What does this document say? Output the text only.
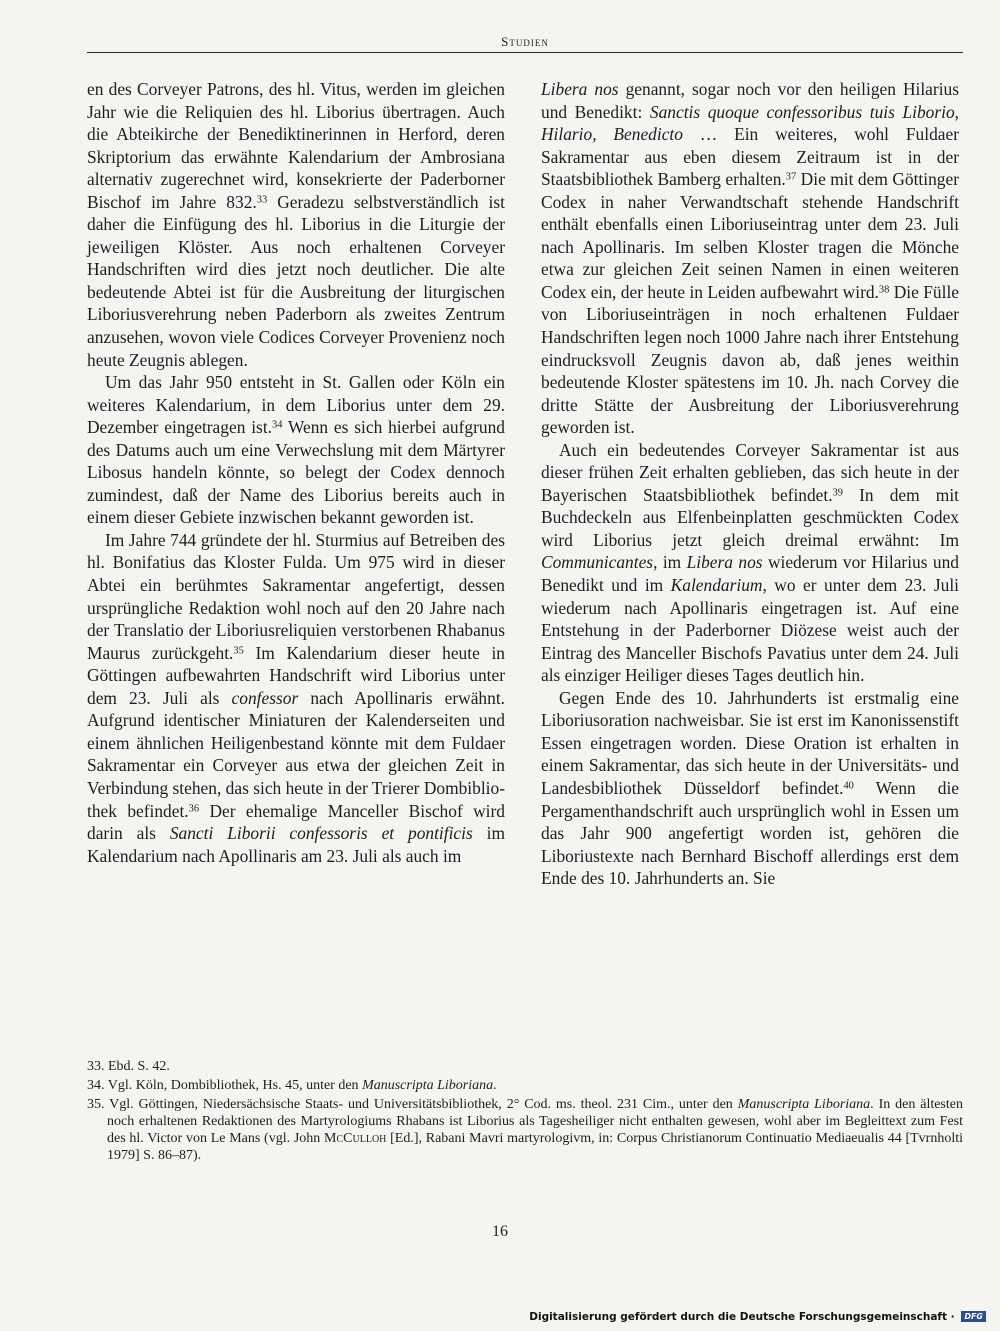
Studien

en des Corveyer Patrons, des hl. Vitus, werden im gleichen Jahr wie die Reliquien des hl. Liborius übertragen. Auch die Abteikirche der Benediktinerinnen in Herford, deren Skriptorium das erwähnte Kalendarium der Ambrosiana alternativ zugerechnet wird, konsekrierte der Paderborner Bischof im Jahre 832.33 Geradezu selbstverständlich ist daher die Einfügung des hl. Liborius in die Liturgie der jeweiligen Klöster. Aus noch erhaltenen Corveyer Handschriften wird dies jetzt noch deutlicher. Die alte bedeutende Abtei ist für die Ausbreitung der liturgischen Liboriusverehrung neben Paderborn als zweites Zentrum anzusehen, wovon viele Codices Corveyer Provenienz noch heute Zeugnis ablegen.

Um das Jahr 950 entsteht in St. Gallen oder Köln ein weiteres Kalendarium, in dem Liborius unter dem 29. Dezember eingetragen ist.$^{34}$ Wenn es sich hierbei aufgrund des Datums auch um eine Verwechslung mit dem Märtyrer Libosus handeln könnte, so belegt der Codex dennoch zumindest, daß der Name des Liborius bereits auch in einem dieser Gebiete inzwischen bekannt geworden ist.

Im Jahre 744 gründete der hl. Sturmius auf Betreiben des hl. Bonifatius das Kloster Fulda. Um 975 wird in dieser Abtei ein berühmtes Sakramentar angefertigt, dessen ursprüngliche Redaktion wohl noch auf den 20 Jahre nach der Translatio der Liboriusreliquien verstorbenen Rhabanus Maurus zurückgeht.$^{35}$ Im Kalendarium dieser heute in Göttingen aufbewahrten Handschrift wird Liborius unter dem 23. Juli als confessor nach Apollinaris erwähnt. Aufgrund identischer Miniaturen der Kalenderseiten und einem ähnlichen Heiligenbestand könnte mit dem Fuldaer Sakramentar ein Corveyer aus etwa der gleichen Zeit in Verbindung stehen, das sich heute in der Trierer Dombibliothek befindet.$^{36}$ Der ehemalige Manceller Bischof wird darin als Sancti Liborii confessoris et pontificis im Kalendarium nach Apollinaris am 23. Juli als auch im

Libera nos genannt, sogar noch vor den heiligen Hilarius und Benedikt: Sanctis quoque confessoribus tuis Liborio, Hilario, Benedicto … Ein weiteres, wohl Fuldaer Sakramentar aus eben diesem Zeitraum ist in der Staatsbibliothek Bamberg erhalten.$^{37}$ Die mit dem Göttinger Codex in naher Verwandtschaft stehende Handschrift enthält ebenfalls einen Liboriuseintrag unter dem 23. Juli nach Apollinaris. Im selben Kloster tragen die Mönche etwa zur gleichen Zeit seinen Namen in einen weiteren Codex ein, der heute in Leiden aufbewahrt wird.$^{38}$ Die Fülle von Liboriuseinträgen in noch erhaltenen Fuldaer Handschriften legen noch 1000 Jahre nach ihrer Entstehung eindrucksvoll Zeugnis davon ab, daß jenes weithin bedeutende Kloster spätestens im 10. Jh. nach Corvey die dritte Stätte der Ausbreitung der Liboriusverehrung geworden ist.

Auch ein bedeutendes Corveyer Sakramentar ist aus dieser frühen Zeit erhalten geblieben, das sich heute in der Bayerischen Staatsbibliothek befindet.$^{39}$ In dem mit Buchdeckeln aus Elfenbeinplatten geschmückten Codex wird Liborius jetzt gleich dreimal erwähnt: Im Communicantes, im Libera nos wiederum vor Hilarius und Benedikt und im Kalendarium, wo er unter dem 23. Juli wiederum nach Apollinaris eingetragen ist. Auf eine Entstehung in der Paderborner Diözese weist auch der Eintrag des Manceller Bischofs Pavatius unter dem 24. Juli als einziger Heiliger dieses Tages deutlich hin.

Gegen Ende des 10. Jahrhunderts ist erstmalig eine Liboriusoration nachweisbar. Sie ist erst im Kanonissenstift Essen eingetragen worden. Diese Oration ist erhalten in einem Sakramentar, das sich heute in der Universitäts- und Landesbibliothek Düsseldorf befindet.$^{40}$ Wenn die Pergamenthandschrift auch ursprünglich wohl in Essen um das Jahr 900 angefertigt worden ist, gehören die Liboriustexte nach Bernhard Bischoff allerdings erst dem Ende des 10. Jahrhunderts an. Sie

33. Ebd. S. 42.

34. Vgl. Köln, Dombibliothek, Hs. 45, unter den Manuscripta Liboriana.

35. Vgl. Göttingen, Niedersächsische Staats- und Universitätsbibliothek, 2° Cod. ms. theol. 231 Cim., unter den Manuscripta Liboriana. In den ältesten noch erhaltenen Redaktionen des Martyrologiums Rhabans ist Liborius als Tagesheiliger nicht enthalten gewesen, wohl aber im Begleittext zum Fest des hl. Victor von Le Mans (vgl. John McCulloh [Ed.], Rabani Mavri martyrologivm, in: Corpus Christianorum Continuatio Mediaeualis 44 [Tvrnholti 1979] S. 86–87).

16
Digitalisierung gefördert durch die Deutsche Forschungsgemeinschaft · DFG
